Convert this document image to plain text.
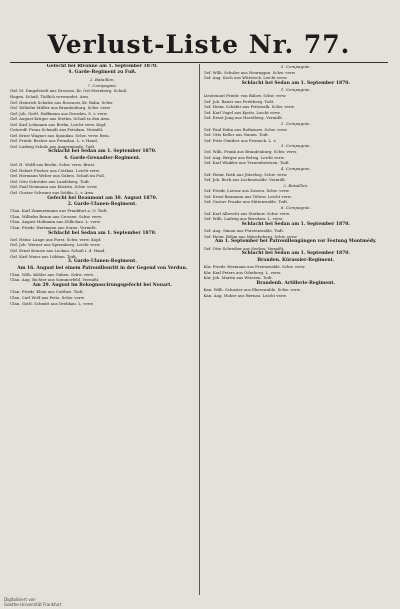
Verlust-Liste Nr. 77.
Gefecht bei Rivonne am 1. September 1870.
4. Garde-Regiment zu Fuß.
2. Bataillon.
7. Compagnie.
Gef. M. Dingelstedt aus Drossen, Kr. Ost-Sternberg. Schuß.
Hagen. Schuß. Tödlich verwundet. Arm.
Gef. Heinrich Schulze aus Rosenow, Kr. Bahn. Schw.
Gef. Wilhelm Müller aus Brandenburg. Schw. verw.
Gef. Joh. Gottl. Hoffmann aus Dresden. S. v. verw.
Gef. August Krüger aus Stettin. Schuß in den Arm.
Gef. Karl Lehmann aus Berlin. Leicht verw. Kopf.
Unteroff. Franz Schmidt aus Potsdam. Vermißt.
Gef. Ernst Wagner aus Spandau. Schw. verw. Bein.
Gef. Friedr. Becker aus Prenzlau. L. v. Hand.
Gef. Ludwig Schulz aus Angermünde. Todt.
Schlacht bei Sedan am 1. September 1870.
4. Garde-Grenadier-Regiment.
Gef. H. Wolff aus Berlin. Schw. verw. Brust.
Gef. Robert Fischer aus Cottbus. Leicht verw.
Gef. Hermann Weber aus Guben. Schuß im Fuß.
Gef. Otto Schröder aus Landsberg. Todt.
Gef. Paul Neumann aus Küstrin. Schw. verw.
Gef. Gustav Schwarz aus Soldin. L. v. Arm.
Gefecht bei Beaumont am 30. August 1870.
2. Garde-Ulanen-Regiment.
Ulan. Karl Zimmermann aus Frankfurt a. O. Todt.
Ulan. Wilhelm Braun aus Crossen. Schw. verw.
Ulan. August Hofmann aus Züllichau. L. verw.
Ulan. Friedr. Hartmann aus Sorau. Vermißt.
Schlacht bei Sedan am 1. September 1870.
Gef. Heinr. Lange aus Forst. Schw. verw. Kopf.
Gef. Joh. Werner aus Spremberg. Leicht verw.
Gef. Ernst Krause aus Luckau. Schuß i. d. Hand.
Gef. Karl Meier aus Lübben. Todt.
3. Garde-Ulanen-Regiment.
Am 16. August bei einem Patrouillenritt in der Gegend von Verdun.
Ulan. Wilh. Köhler aus Guben. Schw. verw.
Ulan. Aug. Richter aus Sommerfeld. Vermißt.
Am 29. August im Rekognoscirungsgefecht bei Nouart.
Ulan. Friedr. Klein aus Cottbus. Todt.
Ulan. Carl Wolf aus Peitz. Schw. verw.
Ulan. Gottl. Schmitt aus Drebkau. L. verw.
5. Compagnie.
Gef. Wilh. Schulze aus Neuruppin. Schw. verw.
Gef. Aug. Koch aus Wittstock. Leicht verw.
Schlacht bei Sedan am 1. September 1870.
1. Compagnie.
Lieutenant Friedr. von Bülow. Schw. verw.
Gef. Joh. Bauer aus Perleberg. Todt.
Gef. Heinr. Schäfer aus Pritzwalk. Schw. verw.
Gef. Karl Vogel aus Kyritz. Leicht verw.
Gef. Ernst Jung aus Havelberg. Vermißt.
2. Compagnie.
Gef. Paul Hahn aus Rathenow. Schw. verw.
Gef. Otto Keller aus Nauen. Todt.
Gef. Fritz Günther aus Friesack. L. v.
3. Compagnie.
Gef. Wilh. Frank aus Brandenburg. Schw. verw.
Gef. Aug. Berger aus Belzig. Leicht verw.
Gef. Karl Winkler aus Treuenbrietzen. Todt.
4. Compagnie.
Gef. Heinr. Roth aus Jüterbog. Schw. verw.
Gef. Joh. Beck aus Luckenwalde. Vermißt.
2. Bataillon.
Gef. Friedr. Lorenz aus Zossen. Schw. verw.
Gef. Ernst Baumann aus Teltow. Leicht verw.
Gef. Gustav Franke aus Mittenwalde. Todt.
6. Compagnie.
Gef. Karl Albrecht aus Storkow. Schw. verw.
Gef. Wilh. Ludwig aus Beeskow. L. verw.
Schlacht bei Sedan am 1. September 1870.
Gef. Aug. Simon aus Fürstenwalde. Todt.
Gef. Heinr. Böhm aus Müncheberg. Schw. verw.
Am 1. September bei Patrouillengängen vor Festung Montmédy.
Gef. Otto Schreiber aus Seelow. Vermißt.
Schlacht bei Sedan am 1. September 1870.
Branden. Kürassier-Regiment.
Kür. Friedr. Hermann aus Freienwalde. Schw. verw.
Kür. Karl Peters aus Oderberg. L. verw.
Kür. Joh. Martin aus Wriezen. Todt.
Brandenb. Artillerie-Regiment.
Kan. Wilh. Schuster aus Eberswalde. Schw. verw.
Kan. Aug. Huber aus Bernau. Leicht verw.
Digitalisiert von
Goethe-Universität Frankfurt
